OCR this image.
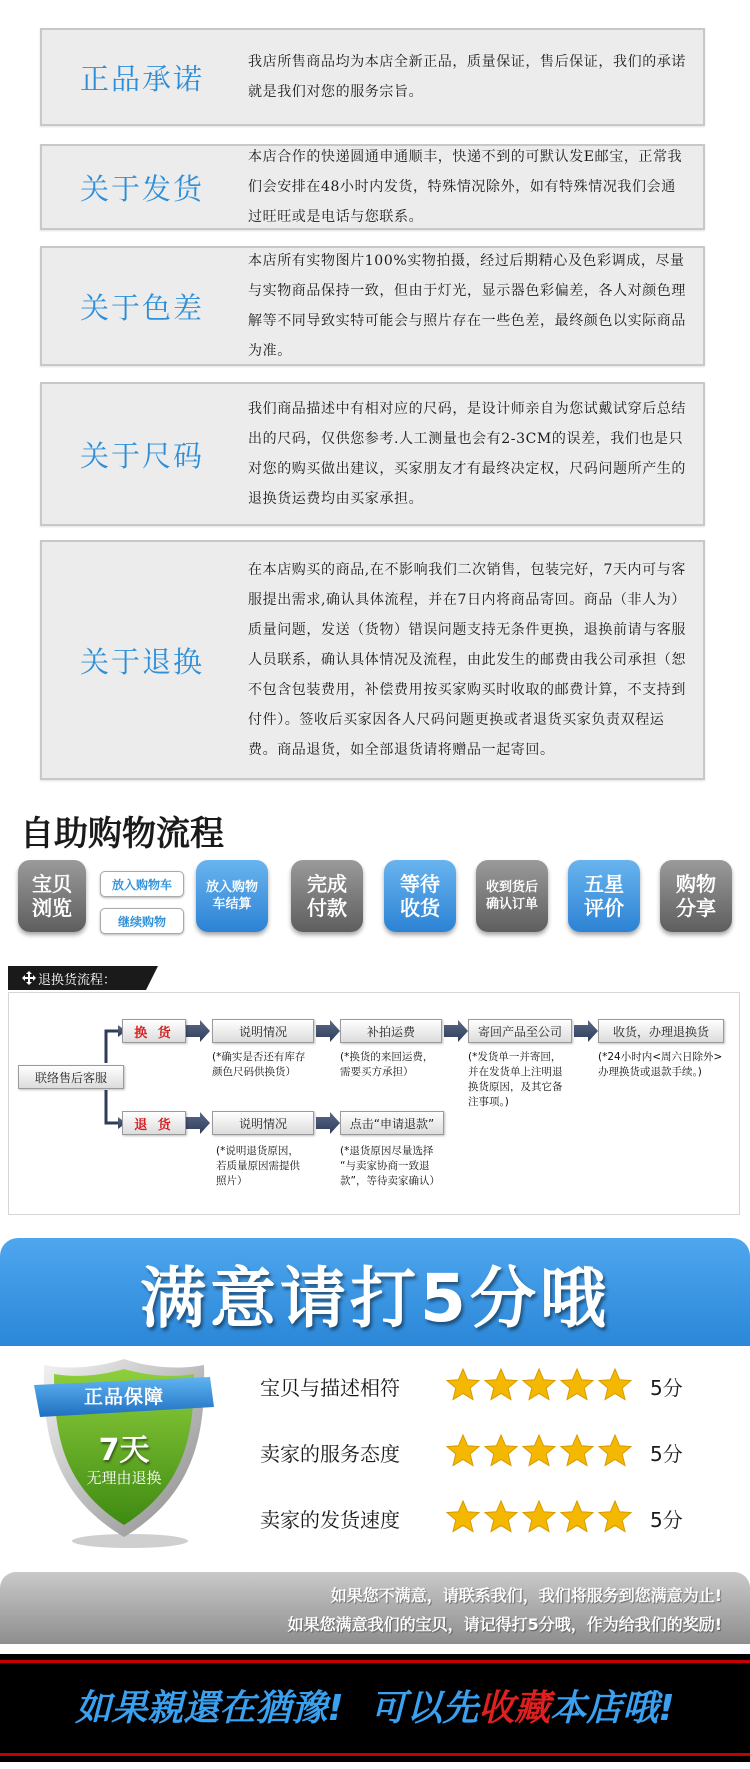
正品承诺	我店所售商品均为本店全新正品，质量保证，售后保证，我们的承诺就是我们对您的服务宗旨。
关于发货
本店合作的快递圆通申通顺丰，快递不到的可默认发E邮宝，正常我们会安排在48小时内发货，特殊情况除外，如有特殊情况我们会通过旺旺或是电话与您联系。
关于色差
本店所有实物图片100%实物拍摄，经过后期精心及色彩调成，尽量与实物商品保持一致，但由于灯光，显示器色彩偏差，各人对颜色理解等不同导致实特可能会与照片存在一些色差，最终颜色以实际商品为准。
关于尺码
我们商品描述中有相对应的尺码，是设计师亲自为您试戴试穿后总结出的尺码，仅供您参考.人工测量也会有2-3CM的误差，我们也是只对您的购买做出建议，买家朋友才有最终决定权，尺码问题所产生的退换货运费均由买家承担。
关于退换
在本店购买的商品,在不影响我们二次销售，包装完好，7天内可与客服提出需求,确认具体流程，并在7日内将商品寄回。商品（非人为）质量问题，发送（货物）错误问题支持无条件更换，退换前请与客服人员联系，确认具体情况及流程，由此发生的邮费由我公司承担（恕不包含包装费用，补偿费用按买家购买时收取的邮费计算，不支持到付件）。签收后买家因各人尺码问题更换或者退货买家负责双程运费。商品退货，如全部退货请将赠品一起寄回。
自助购物流程
宝贝
浏览
放入购物车
继续购物
放入购物
车结算
完成
付款
等待
收货
收到货后
确认订单
五星
评价
购物
分享
退换货流程：
联络售后客服
换 货	说明情况	补拍运费	寄回产品至公司	收货，办理退换货
(*确实是否还有库存
颜色尺码供换货）
(*换货的来回运费，
需要买方承担）
(*发货单一并寄回，
并在发货单上注明退
换货原因，及其它备
注事项。)
(*24小时内<周六日除外>
办理换货或退款手续。)
退 货	说明情况	点击“申请退款”
(*说明退货原因，
若质量原因需提供
照片）
(*退货原因尽量选择
“与卖家协商一致退
款”，等待卖家确认）
满意请打5分哦
正品保障
7天
无理由退换
宝贝与描述相符	5分
卖家的服务态度	5分
卖家的发货速度	5分
如果您不满意，请联系我们，我们将服务到您满意为止!
如果您满意我们的宝贝，请记得打5分哦，作为给我们的奖励!
如果親還在猶豫! 可以先收藏本店哦!
